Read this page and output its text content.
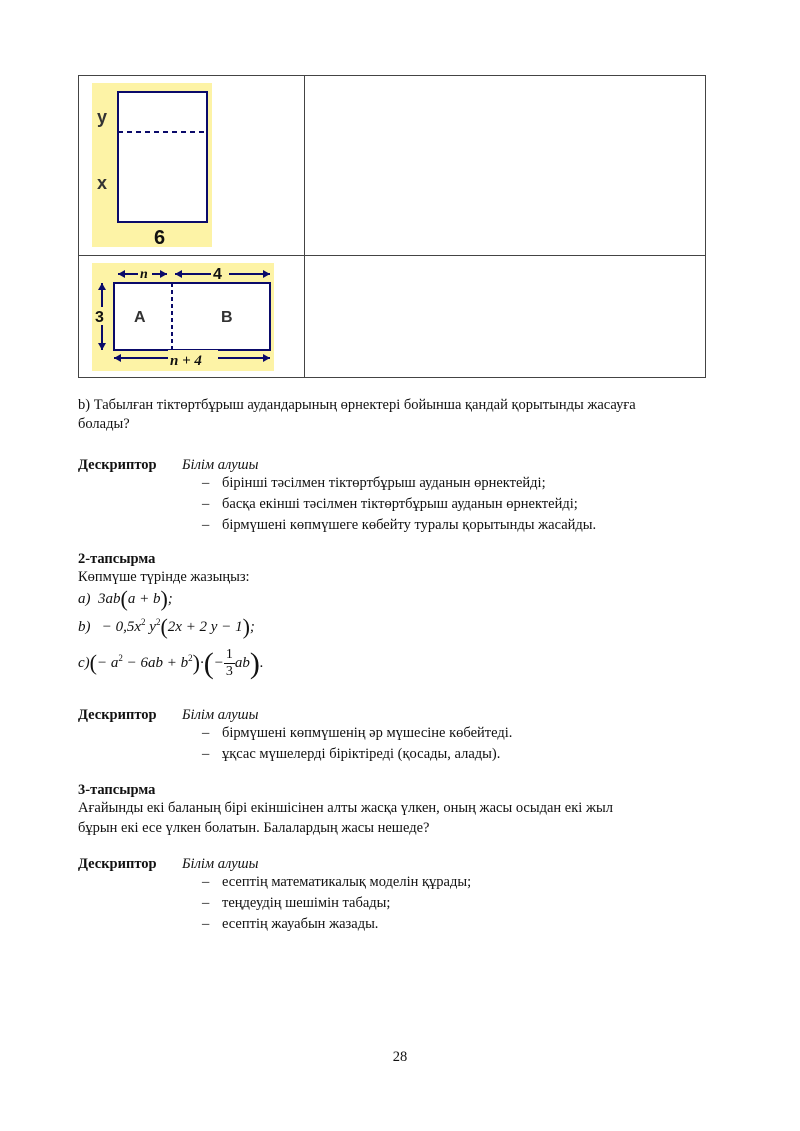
y
x
6
n	4
3 A	B
n + 4
b) Табылған тіктөртбұрыш аудандарының өрнектері бойынша қандай қорытынды жасауға
болады?
Дескриптор Білім алушы
– бірінші тәсілмен тіктөртбұрыш ауданын өрнектейді;
– басқа екінші тәсілмен тіктөртбұрыш ауданын өрнектейді;
– бірмүшені көпмүшеге көбейту туралы қорытынды жасайды.
2-тапсырма
Көпмүше түрінде жазыңыз:
a)  3ab(a + b);
$b) - 0,5x^2$ $y^2(2x + 2$ y − 1);
$c)(- a^2 - 6ab + b^2)\cdot(- \frac{1}{3} ab)$.
Дескриптор Білім алушы
– бірмүшені көпмүшенің әр мүшесіне көбейтеді.
– ұқсас мүшелерді біріктіреді (қосады, алады).
3-тапсырма
Ағайынды екі баланың бірі екіншісінен алты жасқа үлкен, оның жасы осыдан екі жыл
бұрын екі есе үлкен болатын. Балалардың жасы нешеде?
Дескриптор Білім алушы
– есептің математикалық моделін құрады;
– теңдеудің шешімін табады;
– есептің жауабын жазады.
28
